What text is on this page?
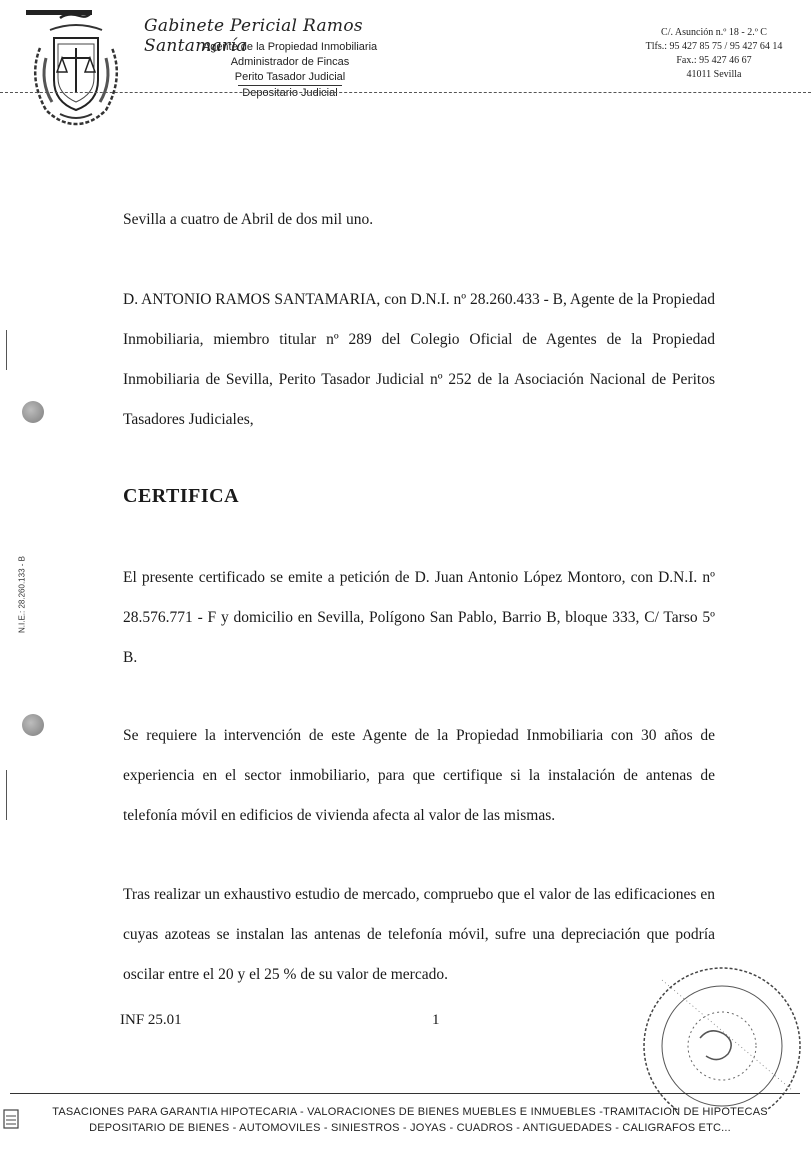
Gabinete Pericial Ramos Santamaría
Agente de la Propiedad Inmobiliaria
Administrador de Fincas
Perito Tasador Judicial
Depositario Judicial
C/. Asunción n.º 18 - 2.º C
Tlfs.: 95 427 85 75 / 95 427 64 14
Fax.: 95 427 46 67
41011 Sevilla
N.I.E.: 28.260.133 - B
Sevilla a cuatro de Abril de dos mil uno.
D. ANTONIO RAMOS SANTAMARIA, con D.N.I. nº 28.260.433 - B, Agente de la Propiedad Inmobiliaria, miembro titular nº 289 del Colegio Oficial de Agentes de la Propiedad Inmobiliaria de Sevilla, Perito Tasador Judicial nº 252 de la Asociación Nacional de Peritos Tasadores Judiciales,
CERTIFICA
El presente certificado se emite a petición de D. Juan Antonio López Montoro, con D.N.I. nº 28.576.771 - F y domicilio en Sevilla, Polígono San Pablo, Barrio B, bloque 333, C/ Tarso 5º B.
Se requiere la intervención de este Agente de la Propiedad Inmobiliaria con 30 años de experiencia en el sector inmobiliario, para que certifique si la instalación de antenas de telefonía móvil en edificios de vivienda afecta al valor de las mismas.
Tras realizar un exhaustivo estudio de mercado, compruebo que el valor de las edificaciones en cuyas azoteas se instalan las antenas de telefonía móvil, sufre una depreciación que podría oscilar entre el 20 y el 25 % de su valor de mercado.
INF 25.01	1
TASACIONES PARA GARANTIA HIPOTECARIA - VALORACIONES DE BIENES MUEBLES E INMUEBLES -TRAMITACION DE HIPOTECAS
DEPOSITARIO DE BIENES - AUTOMOVILES - SINIESTROS - JOYAS - CUADROS - ANTIGUEDADES - CALIGRAFOS ETC...
